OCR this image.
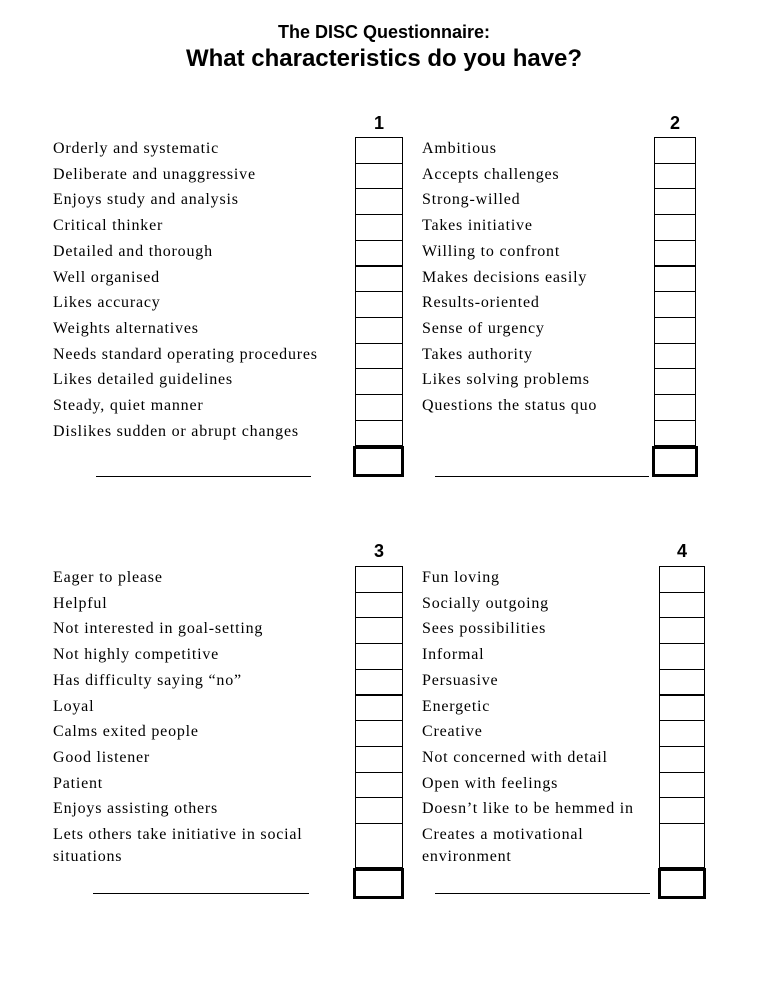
The DISC Questionnaire:
What characteristics do you have?
1
Orderly and systematic
Deliberate and unaggressive
Enjoys study and analysis
Critical thinker
Detailed and thorough
Well organised
Likes accuracy
Weights alternatives
Needs standard operating procedures
Likes detailed guidelines
Steady, quiet manner
Dislikes sudden or abrupt changes
2
Ambitious
Accepts challenges
Strong-willed
Takes initiative
Willing to confront
Makes decisions easily
Results-oriented
Sense of urgency
Takes authority
Likes solving problems
Questions the status quo
3
Eager to please
Helpful
Not interested in goal-setting
Not highly competitive
Has difficulty saying “no”
Loyal
Calms exited people
Good listener
Patient
Enjoys assisting others
Lets others take initiative in social
situations
4
Fun loving
Socially outgoing
Sees possibilities
Informal
Persuasive
Energetic
Creative
Not concerned with detail
Open with feelings
Doesn’t like to be hemmed in
Creates a motivational
environment
